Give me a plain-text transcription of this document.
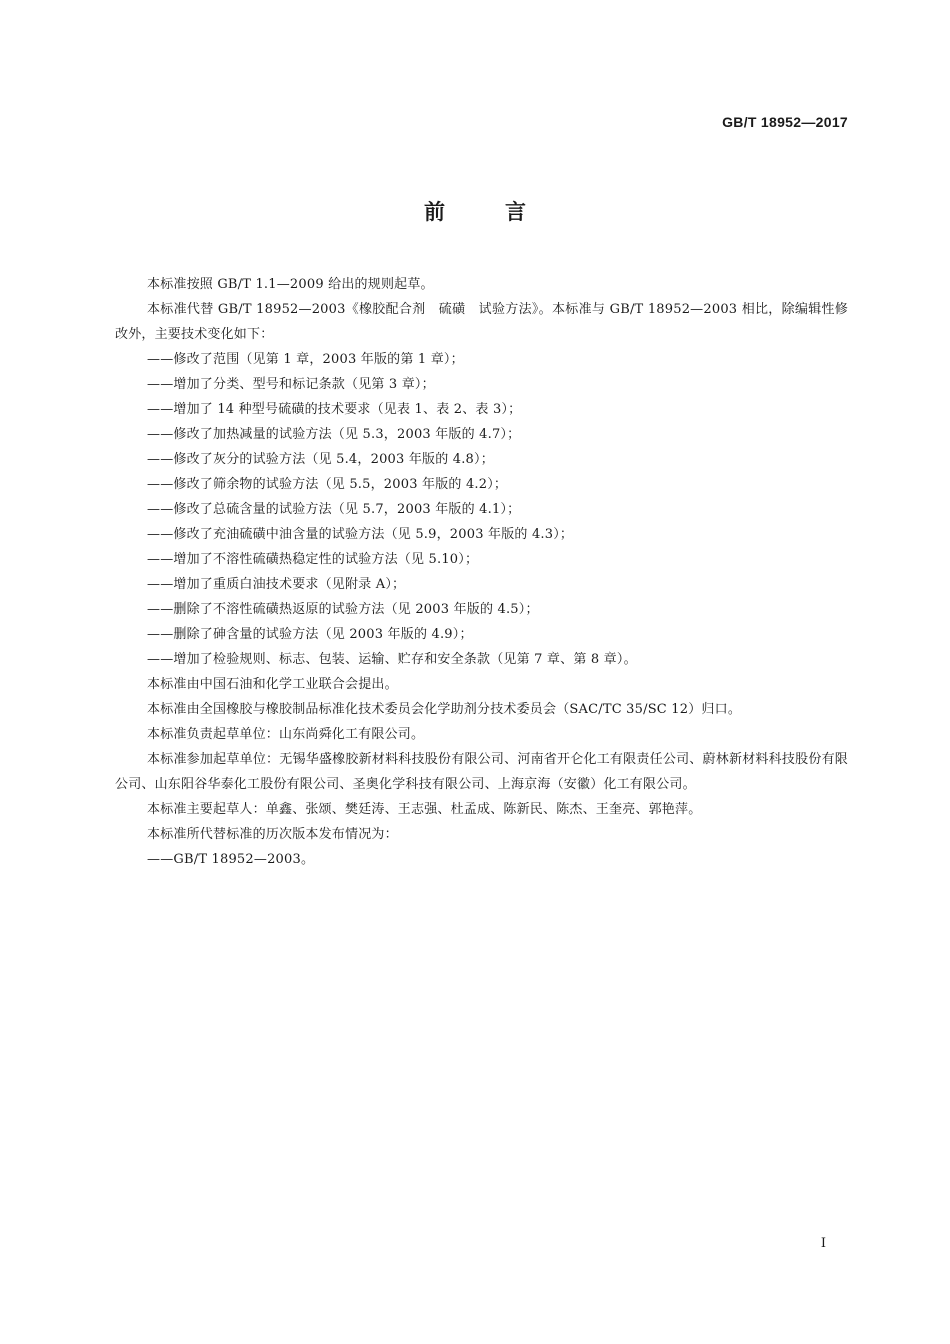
GB/T 18952—2017
前言

本标准按照 GB/T 1.1—2009 给出的规则起草。

本标准代替 GB/T 18952—2003《橡胶配合剂　硫磺　试验方法》。本标准与 GB/T 18952—2003 相比，除编辑性修改外，主要技术变化如下：

——修改了范围（见第 1 章，2003 年版的第 1 章）；

——增加了分类、型号和标记条款（见第 3 章）；

——增加了 14 种型号硫磺的技术要求（见表 1、表 2、表 3）；

——修改了加热减量的试验方法（见 5.3，2003 年版的 4.7）；

——修改了灰分的试验方法（见 5.4，2003 年版的 4.8）；

——修改了筛余物的试验方法（见 5.5，2003 年版的 4.2）；

——修改了总硫含量的试验方法（见 5.7，2003 年版的 4.1）；

——修改了充油硫磺中油含量的试验方法（见 5.9，2003 年版的 4.3）；

——增加了不溶性硫磺热稳定性的试验方法（见 5.10）；

——增加了重质白油技术要求（见附录 A）；

——删除了不溶性硫磺热返原的试验方法（见 2003 年版的 4.5）；

——删除了砷含量的试验方法（见 2003 年版的 4.9）；

——增加了检验规则、标志、包装、运输、贮存和安全条款（见第 7 章、第 8 章）。

本标准由中国石油和化学工业联合会提出。

本标准由全国橡胶与橡胶制品标准化技术委员会化学助剂分技术委员会（SAC/TC 35/SC 12）归口。

本标准负责起草单位：山东尚舜化工有限公司。

本标准参加起草单位：无锡华盛橡胶新材料科技股份有限公司、河南省开仑化工有限责任公司、蔚林新材料科技股份有限公司、山东阳谷华泰化工股份有限公司、圣奥化学科技有限公司、上海京海（安徽）化工有限公司。

本标准主要起草人：单鑫、张颂、樊廷涛、王志强、杜孟成、陈新民、陈杰、王奎亮、郭艳萍。

本标准所代替标准的历次版本发布情况为：

——GB/T 18952—2003。

I
